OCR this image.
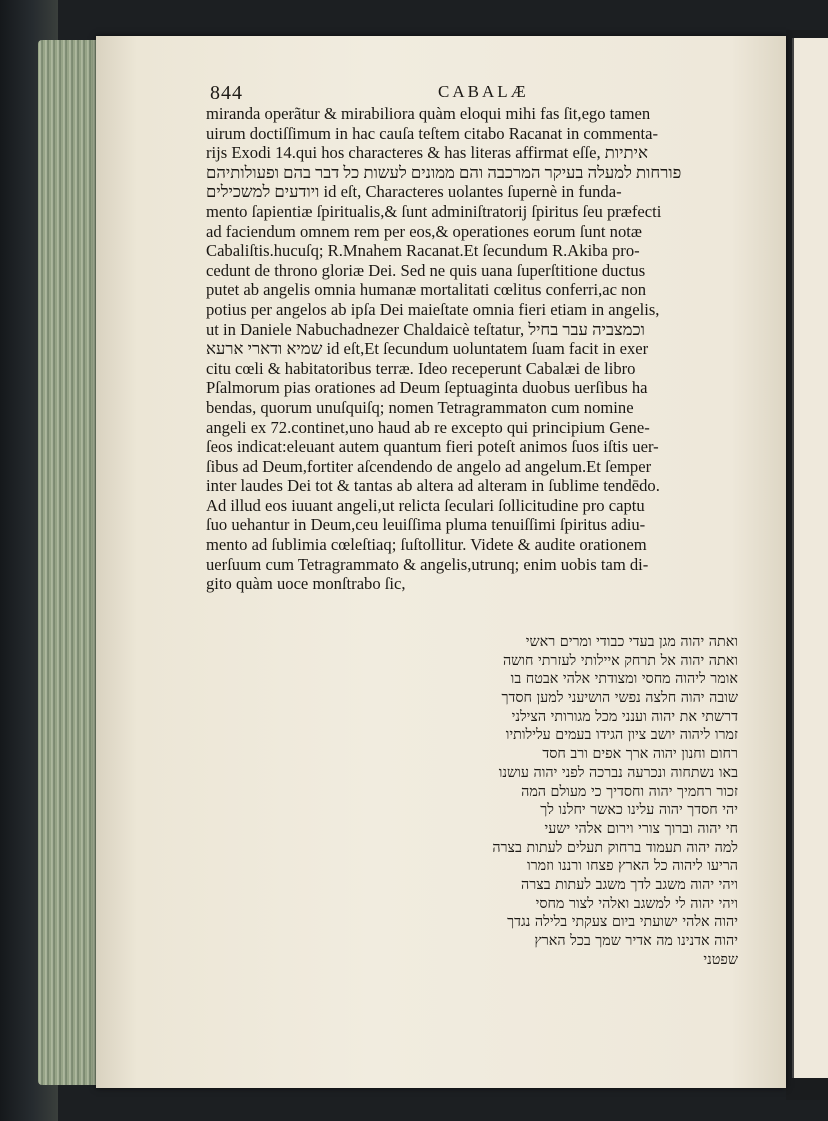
844	CABALÆ
miranda operãtur & mirabiliora quàm eloqui mihi fas ſit,ego tamen
uirum doctiſſimum in hac cauſa teſtem citabo Racanat in commenta-
rijs Exodi 14.qui hos characteres & has literas affirmat eſſe, איתיות
פורחות למעלה בעיקר המרכבה והם ממונים לעשות כל דבר בהם ופעולותיהם
ויודעים למשכילים id eſt, Characteres uolantes ſupernè in funda-
mento ſapientiæ ſpiritualis,& ſunt adminiſtratorij ſpiritus ſeu præfecti
ad faciendum omnem rem per eos,& operationes eorum ſunt notæ
Cabaliſtis.hucuſq; R.Mnahem Racanat.Et ſecundum R.Akiba pro-
cedunt de throno gloriæ Dei. Sed ne quis uana ſuperſtitione ductus
putet ab angelis omnia humanæ mortalitati cœlitus conferri,ac non
potius per angelos ab ipſa Dei maieſtate omnia fieri etiam in angelis,
ut in Daniele Nabuchadnezer Chaldaicè teſtatur, וכמצביה עבר בחיל
שמיא ודארי ארעא id eſt,Et ſecundum uoluntatem ſuam facit in exer
citu cœli & habitatoribus terræ. Ideo receperunt Cabalæi de libro
Pſalmorum pias orationes ad Deum ſeptuaginta duobus uerſibus ha
bendas, quorum unuſquiſq; nomen Tetragrammaton cum nomine
angeli ex 72.continet,uno haud ab re excepto qui principium Gene-
ſeos indicat:eleuant autem quantum fieri poteſt animos ſuos iſtis uer-
ſibus ad Deum,fortiter aſcendendo de angelo ad angelum.Et ſemper
inter laudes Dei tot & tantas ab altera ad alteram in ſublime tendēdo.
Ad illud eos iuuant angeli,ut relicta ſeculari ſollicitudine pro captu
ſuo uehantur in Deum,ceu leuiſſima pluma tenuiſſimi ſpiritus adiu-
mento ad ſublimia cœleſtiaq; ſuſtollitur. Videte & audite orationem
uerſuum cum Tetragrammato & angelis,utrunq; enim uobis tam di-
gito quàm uoce monſtrabo ſic,
ואתה יהוה מגן בעדי כבודי ומרים ראשי
ואתה יהוה אל תרחק איילותי לעזרתי חושה
אומר ליהוה מחסי ומצודתי אלהי אבטח בו
שובה יהוה חלצה נפשי הושיעני למען חסדך
דרשתי את יהוה וענני מכל מגורותי הצילני
זמרו ליהוה יושב ציון הגידו בעמים עלילותיו
רחום וחנון יהוה ארך אפים ורב חסד
באו נשתחוה ונכרעה נברכה לפני יהוה עושנו
זכור רחמיך יהוה וחסדיך כי מעולם המה
יהי חסדך יהוה עלינו כאשר יחלנו לך
חי יהוה וברוך צורי וירום אלהי ישעי
למה יהוה תעמוד ברחוק תעלים לעתות בצרה
הריעו ליהוה כל הארץ פצחו ורננו וזמרו
ויהי יהוה משגב לדך משגב לעתות בצרה
ויהי יהוה לי למשגב ואלהי לצור מחסי
יהוה אלהי ישועתי ביום צעקתי בלילה נגדך
יהוה אדנינו מה אדיר שמך בכל הארץ
שפטני
